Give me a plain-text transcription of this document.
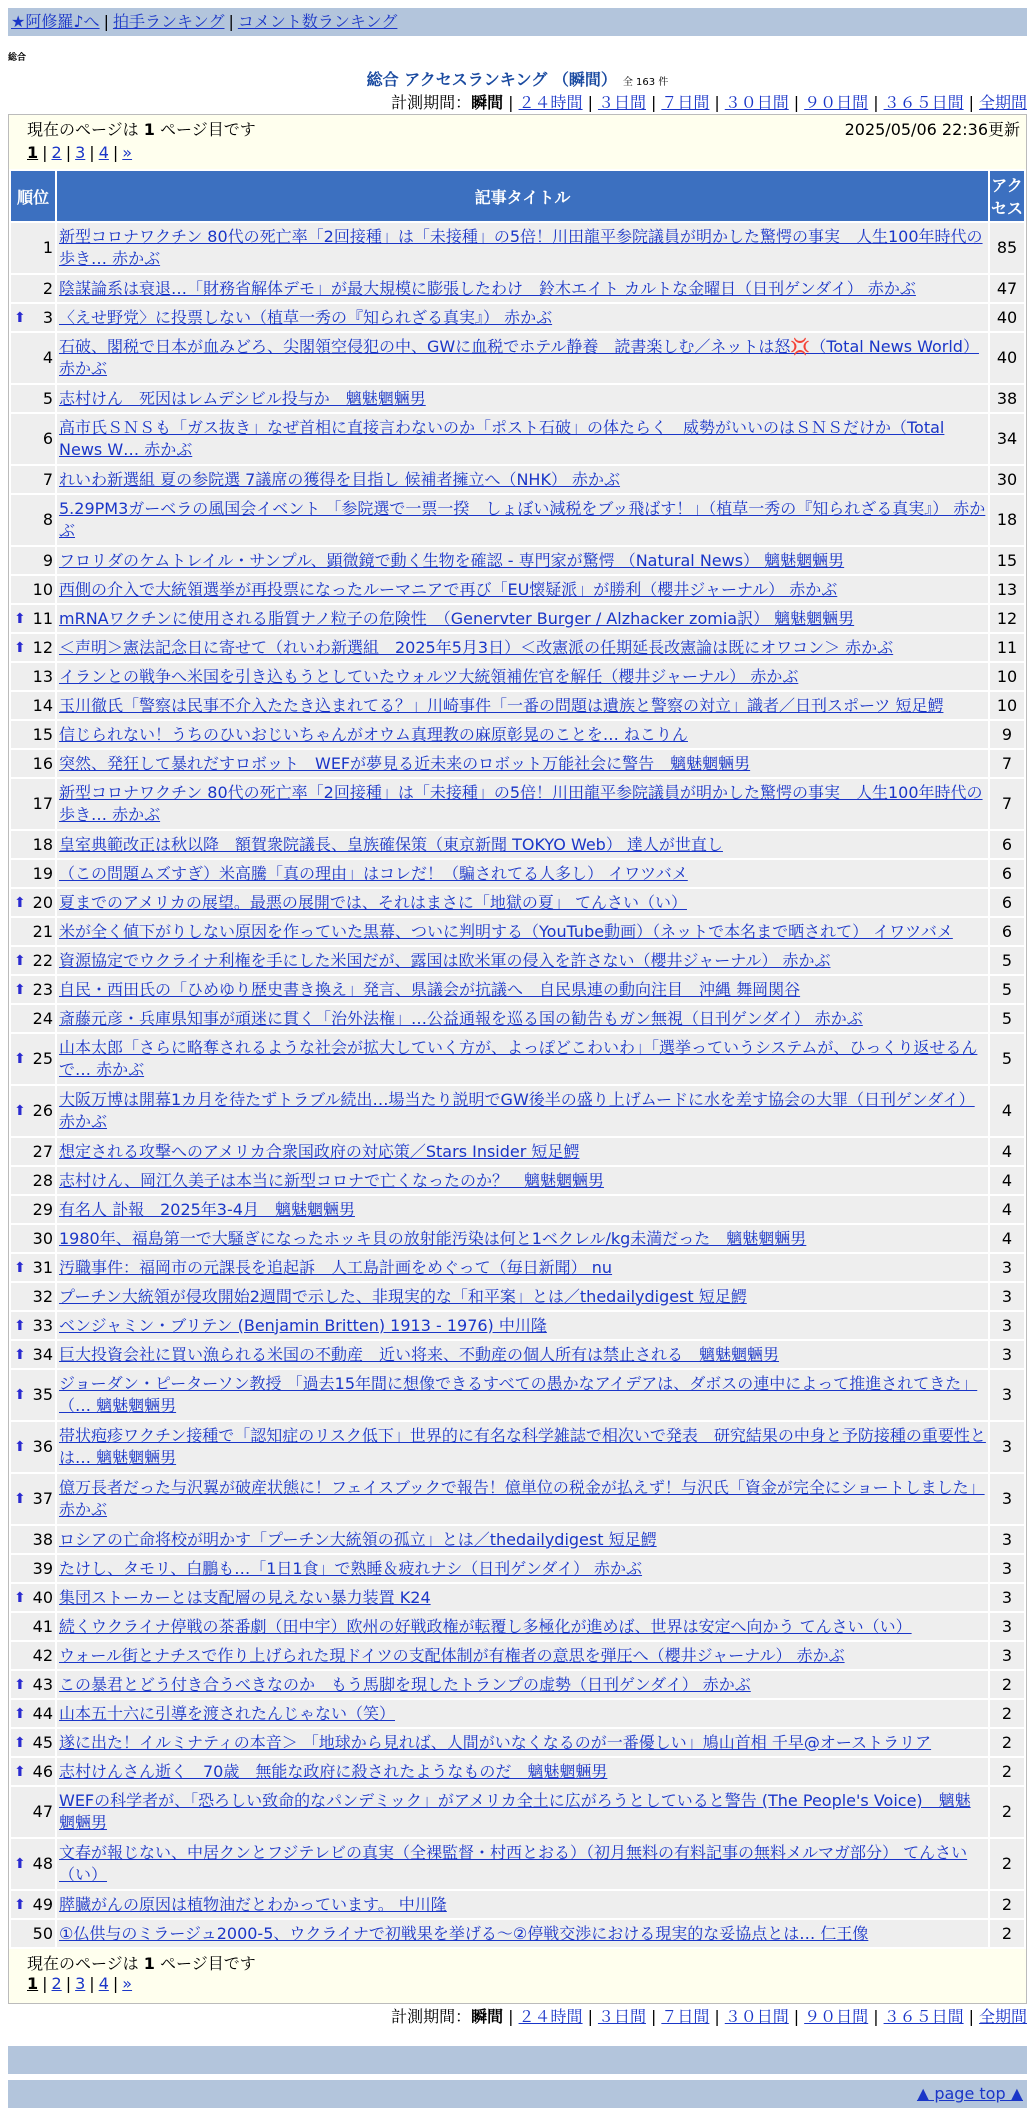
★阿修羅♪へ | 拍手ランキング | コメント数ランキング
総合
総合 アクセスランキング （瞬間） 全 163 件
計測期間：瞬間 | ２４時間 | ３日間 | ７日間 | ３０日間 | ９０日間 | ３６５日間 | 全期間
現在のページは 1 ページ目です	2025/05/06 22:36更新
1 | 2 | 3 | 4 | »
順位	記事タイトル	アクセス
1	新型コロナワクチン 80代の死亡率「2回接種」は「未接種」の5倍！川田龍平参院議員が明かした驚愕の事実　人生100年時代の歩き… 赤かぶ	85
2	陰謀論系は衰退…「財務省解体デモ」が最大規模に膨張したわけ　鈴木エイト カルトな金曜日（日刊ゲンダイ） 赤かぶ	47

⬆ 3	〈えせ野党〉に投票しない（植草一秀の『知られざる真実』） 赤かぶ	40
4	石破、閣税で日本が血みどろ、尖閣領空侵犯の中、GWに血税でホテル静養　読書楽しむ／ネットは怒💢（Total News World） 赤かぶ	40
5	志村けん　死因はレムデシビル投与か　魑魅魍魎男	38
6	高市氏ＳＮＳも「ガス抜き」なぜ首相に直接言わないのか「ポスト石破」の体たらく　威勢がいいのはＳＮＳだけか（Total News W… 赤かぶ	34
7	れいわ新選組 夏の参院選 7議席の獲得を目指し 候補者擁立へ（NHK） 赤かぶ	30
8	5.29PM3ガーベラの風国会イベント 「参院選で一票一揆　しょぼい減税をブッ飛ばす！」（植草一秀の『知られざる真実』） 赤かぶ	18
9	フロリダのケムトレイル・サンプル、顕微鏡で動く生物を確認 - 専門家が驚愕 （Natural News） 魑魅魍魎男	15
10	西側の介入で大統領選挙が再投票になったルーマニアで再び「EU懐疑派」が勝利（櫻井ジャーナル） 赤かぶ	13

⬆ 11	mRNAワクチンに使用される脂質ナノ粒子の危険性　（Genervter Burger / Alzhacker zomia訳） 魑魅魍魎男	12

⬆ 12	＜声明＞憲法記念日に寄せて（れいわ新選組　2025年5月3日）＜改憲派の任期延長改憲論は既にオワコン＞ 赤かぶ	11
13	イランとの戦争へ米国を引き込もうとしていたウォルツ大統領補佐官を解任（櫻井ジャーナル） 赤かぶ	10
14	玉川徹氏「警察は民事不介入たたき込まれてる？」川崎事件「一番の問題は遺族と警察の対立」識者／日刊スポーツ 短足鰐	10
15	信じられない！うちのひいおじいちゃんがオウム真理教の麻原彰晃のことを… ねこりん	9
16	突然、発狂して暴れだすロボット　WEFが夢見る近未来のロボット万能社会に警告　魑魅魍魎男	7
17	新型コロナワクチン 80代の死亡率「2回接種」は「未接種」の5倍！川田龍平参院議員が明かした驚愕の事実　人生100年時代の歩き… 赤かぶ	7
18	皇室典範改正は秋以降　額賀衆院議長、皇族確保策（東京新聞 TOKYO Web） 達人が世直し	6
19	（この問題ムズすぎ）米高騰「真の理由」はコレだ！（騙されてる人多し） イワツバメ	6

⬆ 20	夏までのアメリカの展望。最悪の展開では、それはまさに「地獄の夏」 てんさい（い）	6
21	米が全く値下がりしない原因を作っていた黒幕、ついに判明する（YouTube動画）（ネットで本名まで晒されて） イワツバメ	6

⬆ 22	資源協定でウクライナ利権を手にした米国だが、露国は欧米軍の侵入を許さない（櫻井ジャーナル） 赤かぶ	5

⬆ 23	自民・西田氏の「ひめゆり歴史書き換え」発言、県議会が抗議へ　自民県連の動向注目　沖縄 舞岡関谷	5
24	斎藤元彦・兵庫県知事が頑迷に貫く「治外法権」…公益通報を巡る国の勧告もガン無視（日刊ゲンダイ） 赤かぶ	5

⬆ 25	山本太郎「さらに略奪されるような社会が拡大していく方が、よっぽどこわいわ」「選挙っていうシステムが、ひっくり返せるんで… 赤かぶ	5

⬆ 26	大阪万博は開幕1カ月を待たずトラブル続出…場当たり説明でGW後半の盛り上げムードに水を差す協会の大罪（日刊ゲンダイ） 赤かぶ	4
27	想定される攻撃へのアメリカ合衆国政府の対応策／Stars Insider 短足鰐	4
28	志村けん、岡江久美子は本当に新型コロナで亡くなったのか？　魑魅魍魎男	4
29	有名人 訃報　2025年3-4月　魑魅魍魎男	4
30	1980年、福島第一で大騒ぎになったホッキ貝の放射能汚染は何と1ベクレル/kg未満だった　魑魅魍魎男	4

⬆ 31	汚職事件：福岡市の元課長を追起訴　人工島計画をめぐって（毎日新聞） nu	3
32	プーチン大統領が侵攻開始2週間で示した、非現実的な「和平案」とは／thedailydigest 短足鰐	3

⬆ 33	ベンジャミン・ブリテン (Benjamin Britten) 1913 - 1976) 中川隆	3

⬆ 34	巨大投資会社に買い漁られる米国の不動産　近い将来、不動産の個人所有は禁止される　魑魅魍魎男	3

⬆ 35	ジョーダン・ピーターソン教授 「過去15年間に想像できるすべての愚かなアイデアは、ダボスの連中によって推進されてきた」（… 魑魅魍魎男	3

⬆ 36	帯状疱疹ワクチン接種で「認知症のリスク低下」世界的に有名な科学雑誌で相次いで発表　研究結果の中身と予防接種の重要性とは… 魑魅魍魎男	3

⬆ 37	億万長者だった与沢翼が破産状態に！フェイスブックで報告！億単位の税金が払えず！与沢氏「資金が完全にショートしました」 赤かぶ	3
38	ロシアの亡命将校が明かす「プーチン大統領の孤立」とは／thedailydigest 短足鰐	3
39	たけし、タモリ、白鵬も…「1日1食」で熟睡＆疲れナシ（日刊ゲンダイ） 赤かぶ	3

⬆ 40	集団ストーカーとは支配層の見えない暴力装置 K24	3
41	続くウクライナ停戦の茶番劇（田中宇）欧州の好戦政権が転覆し多極化が進めば、世界は安定へ向かう てんさい（い）	3
42	ウォール街とナチスで作り上げられた現ドイツの支配体制が有権者の意思を弾圧へ（櫻井ジャーナル） 赤かぶ	3

⬆ 43	この暴君とどう付き合うべきなのか　もう馬脚を現したトランプの虚勢（日刊ゲンダイ） 赤かぶ	2

⬆ 44	山本五十六に引導を渡されたんじゃない（笑）	2

⬆ 45	遂に出た！イルミナティの本音＞ 「地球から見れば、人間がいなくなるのが一番優しい」鳩山首相 千早@オーストラリア	2

⬆ 46	志村けんさん逝く　70歳　無能な政府に殺されたようなものだ　魑魅魍魎男	2
47	WEFの科学者が、「恐ろしい致命的なパンデミック」がアメリカ全土に広がろうとしていると警告 (The People's Voice)　魑魅魍魎男	2

⬆ 48	文春が報じない、中居クンとフジテレビの真実（全裸監督・村西とおる）（初月無料の有料記事の無料メルマガ部分） てんさい（い）	2

⬆ 49	膵臓がんの原因は植物油だとわかっています。 中川隆	2
50	①仏供与のミラージュ2000-5、ウクライナで初戦果を挙げる～②停戦交渉における現実的な妥協点とは… 仁王像	2
現在のページは 1 ページ目です
1 | 2 | 3 | 4 | »
計測期間：瞬間 | ２４時間 | ３日間 | ７日間 | ３０日間 | ９０日間 | ３６５日間 | 全期間
▲ page top ▲
